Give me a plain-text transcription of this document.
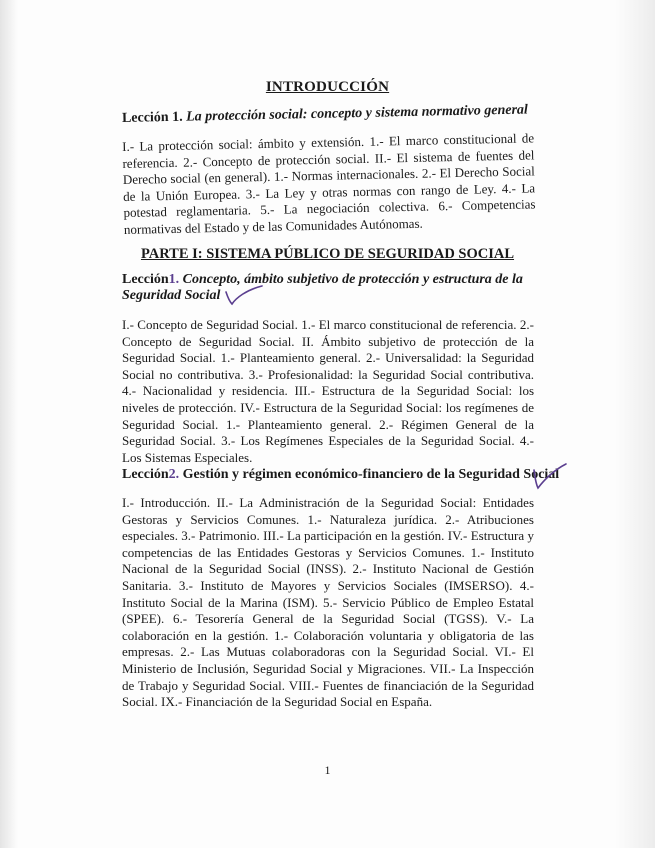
INTRODUCCIÓN
Lección 1. La protección social: concepto y sistema normativo general
I.- La protección social: ámbito y extensión. 1.- El marco constitucional de referencia. 2.- Concepto de protección social. II.- El sistema de fuentes del Derecho social (en general). 1.- Normas internacionales. 2.- El Derecho Social de la Unión Europea. 3.- La Ley y otras normas con rango de Ley. 4.- La potestad reglamentaria. 5.- La negociación colectiva. 6.- Competencias normativas del Estado y de las Comunidades Autónomas.
PARTE I: SISTEMA PÚBLICO DE SEGURIDAD SOCIAL
Lección1. Concepto, ámbito subjetivo de protección y estructura de la Seguridad Social
I.- Concepto de Seguridad Social. 1.- El marco constitucional de referencia. 2.- Concepto de Seguridad Social. II. Ámbito subjetivo de protección de la Seguridad Social. 1.- Planteamiento general. 2.- Universalidad: la Seguridad Social no contributiva. 3.- Profesionalidad: la Seguridad Social contributiva. 4.- Nacionalidad y residencia. III.- Estructura de la Seguridad Social: los niveles de protección. IV.- Estructura de la Seguridad Social: los regímenes de Seguridad Social. 1.- Planteamiento general. 2.- Régimen General de la Seguridad Social. 3.- Los Regímenes Especiales de la Seguridad Social. 4.- Los Sistemas Especiales.
Lección2. Gestión y régimen económico-financiero de la Seguridad Social
I.- Introducción. II.- La Administración de la Seguridad Social: Entidades Gestoras y Servicios Comunes. 1.- Naturaleza jurídica. 2.- Atribuciones especiales. 3.- Patrimonio. III.- La participación en la gestión. IV.- Estructura y competencias de las Entidades Gestoras y Servicios Comunes. 1.- Instituto Nacional de la Seguridad Social (INSS). 2.- Instituto Nacional de Gestión Sanitaria. 3.- Instituto de Mayores y Servicios Sociales (IMSERSO). 4.- Instituto Social de la Marina (ISM). 5.- Servicio Público de Empleo Estatal (SPEE). 6.- Tesorería General de la Seguridad Social (TGSS). V.- La colaboración en la gestión. 1.- Colaboración voluntaria y obligatoria de las empresas. 2.- Las Mutuas colaboradoras con la Seguridad Social. VI.- El Ministerio de Inclusión, Seguridad Social y Migraciones. VII.- La Inspección de Trabajo y Seguridad Social. VIII.- Fuentes de financiación de la Seguridad Social. IX.- Financiación de la Seguridad Social en España.
1
